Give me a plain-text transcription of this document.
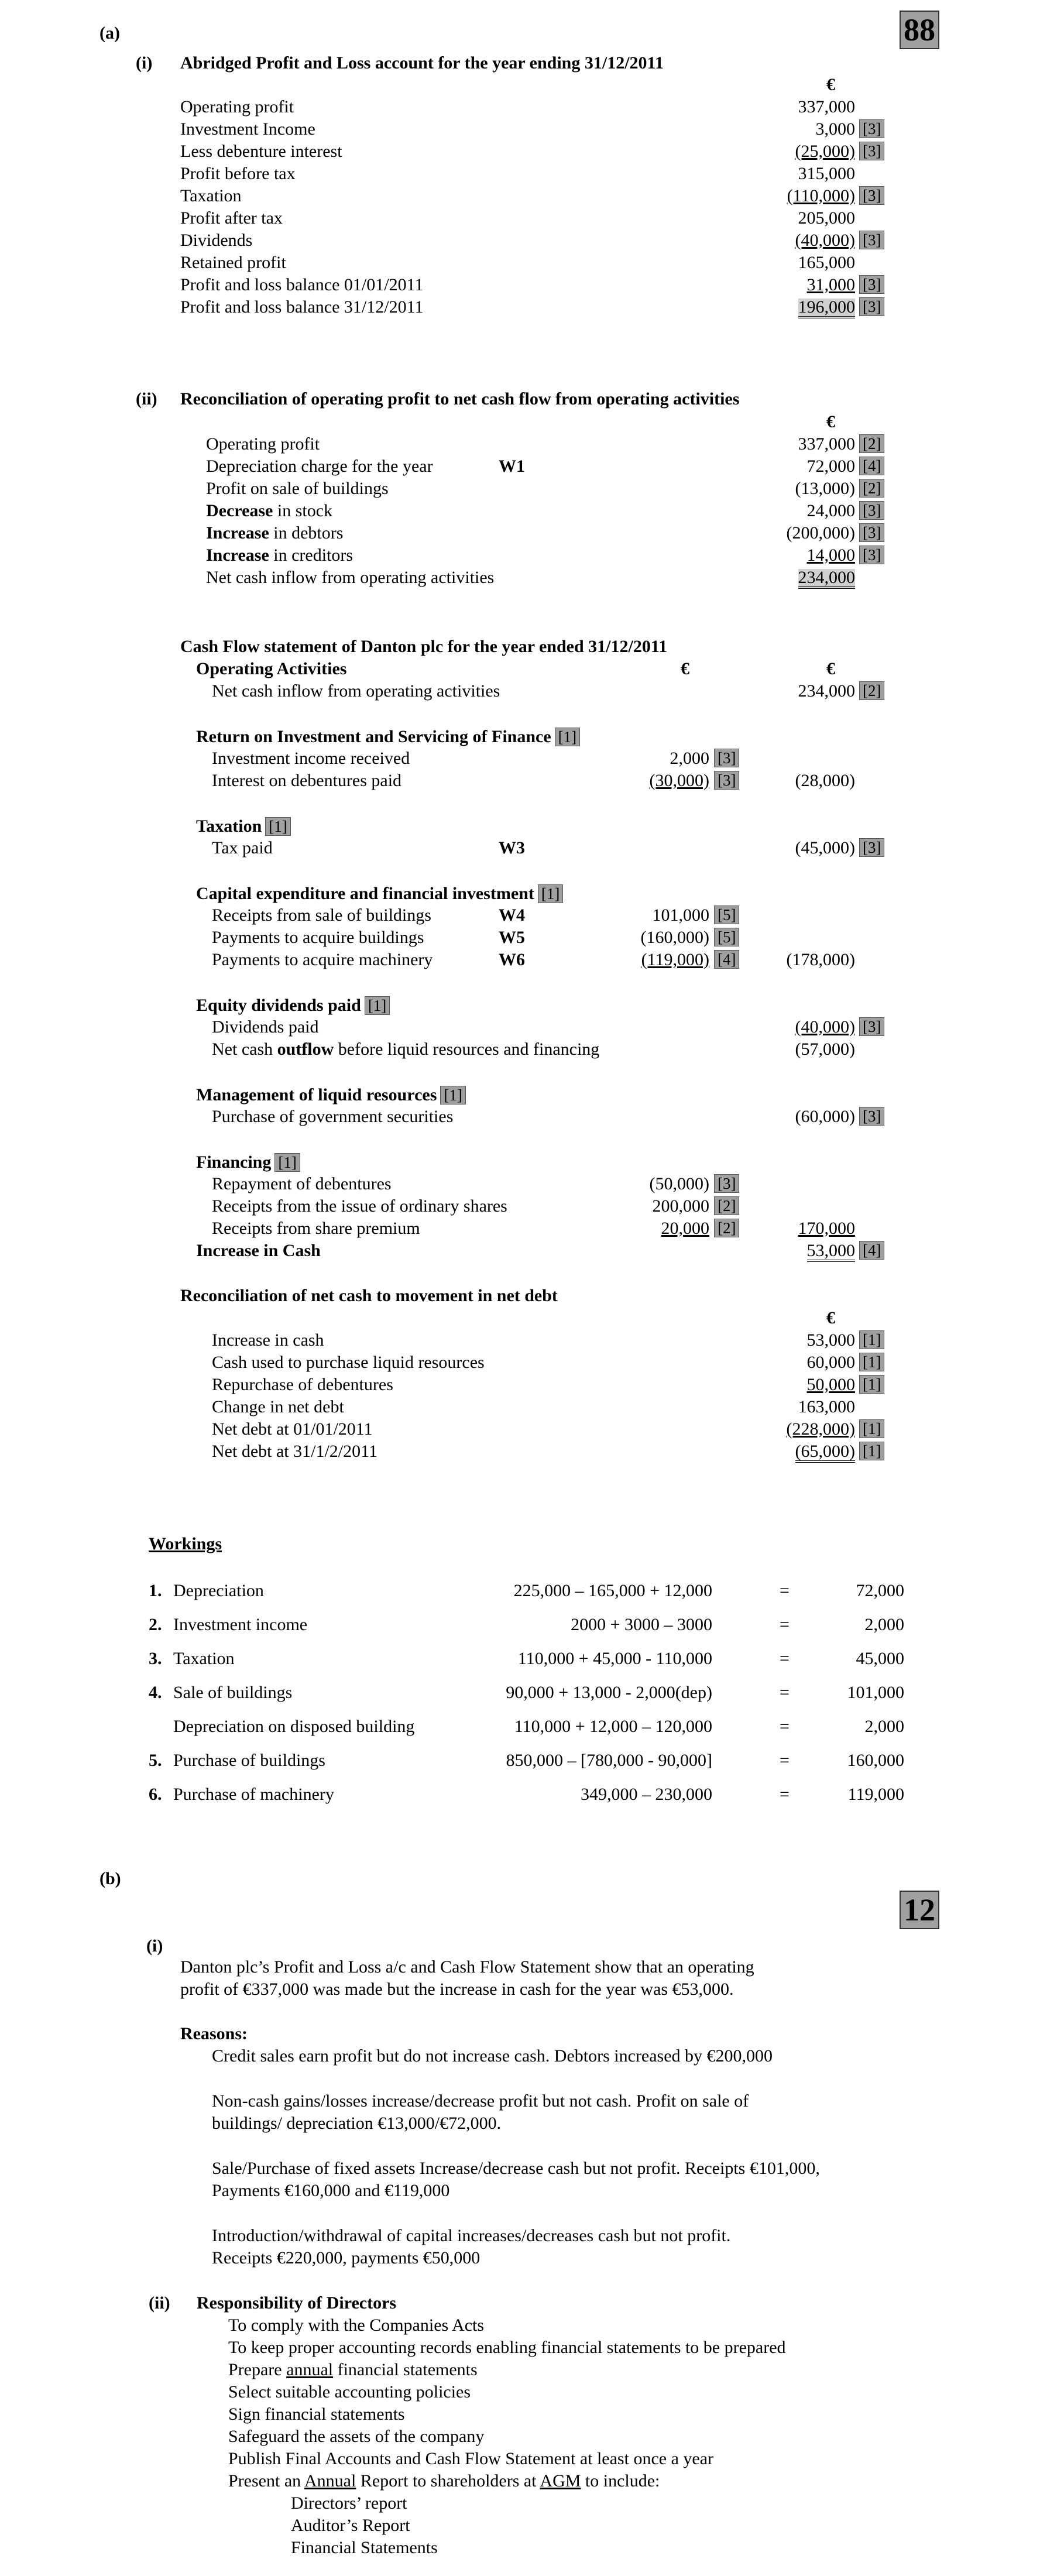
(a)	88
(i) Abridged Profit and Loss account for the year ending 31/12/2011
€
Operating profit	337,000
Investment Income	3,000 [3]
Less debenture interest	(25,000) [3]
Profit before tax	315,000
Taxation	(110,000) [3]
Profit after tax	205,000
Dividends	(40,000) [3]
Retained profit	165,000
Profit and loss balance 01/01/2011	31,000 [3]
Profit and loss balance 31/12/2011	196,000 [3]
(ii) Reconciliation of operating profit to net cash flow from operating activities
€
Operating profit	337,000 [2]
Depreciation charge for the year	W1	72,000 [4]
Profit on sale of buildings	(13,000) [2]
Decrease in stock	24,000 [3]
Increase in debtors	(200,000) [3]
Increase in creditors	14,000 [3]
Net cash inflow from operating activities	234,000
Cash Flow statement of Danton plc for the year ended 31/12/2011
Operating Activities	€	€
Net cash inflow from operating activities	234,000 [2]
Return on Investment and Servicing of Finance [1]
Investment income received	2,000 [3]
Interest on debentures paid	(30,000) [3]	(28,000)
Taxation [1]
Tax paid	W3	(45,000) [3]
Capital expenditure and financial investment [1]
Receipts from sale of buildings	W4	101,000 [5]
Payments to acquire buildings	W5	(160,000) [5]
Payments to acquire machinery	W6	(119,000) [4]	(178,000)
Equity dividends paid [1]
Dividends paid	(40,000) [3]
Net cash outflow before liquid resources and financing	(57,000)
Management of liquid resources [1]
Purchase of government securities	(60,000) [3]
Financing [1]
Repayment of debentures	(50,000) [3]
Receipts from the issue of ordinary shares	200,000 [2]
Receipts from share premium	20,000 [2]	170,000
Increase in Cash	53,000 [4]
Reconciliation of net cash to movement in net debt
€
Increase in cash	53,000 [1]
Cash used to purchase liquid resources	60,000 [1]
Repurchase of debentures	50,000 [1]
Change in net debt	163,000
Net debt at 01/01/2011	(228,000) [1]
Net debt at 31/1/2/2011	(65,000) [1]
Workings
1. Depreciation	225,000 – 165,000 + 12,000	=	72,000
2. Investment income	2000 + 3000 – 3000	=	2,000
3. Taxation	110,000 + 45,000 - 110,000	=	45,000
4. Sale of buildings	90,000 + 13,000 - 2,000(dep)	=	101,000
Depreciation on disposed building	110,000 + 12,000 – 120,000	=	2,000
5. Purchase of buildings	850,000 – [780,000 - 90,000]	=	160,000
6. Purchase of machinery	349,000 – 230,000	=	119,000
(b)
12
(i)
Danton plc’s Profit and Loss a/c and Cash Flow Statement show that an operating
profit of €337,000 was made but the increase in cash for the year was €53,000.
Reasons:
Credit sales earn profit but do not increase cash. Debtors increased by €200,000
Non-cash gains/losses increase/decrease profit but not cash. Profit on sale of
buildings/ depreciation €13,000/€72,000.
Sale/Purchase of fixed assets Increase/decrease cash but not profit. Receipts €101,000,
Payments €160,000 and €119,000
Introduction/withdrawal of capital increases/decreases cash but not profit.
Receipts €220,000, payments €50,000
(ii) Responsibility of Directors
To comply with the Companies Acts
To keep proper accounting records enabling financial statements to be prepared
Prepare annual financial statements
Select suitable accounting policies
Sign financial statements
Safeguard the assets of the company
Publish Final Accounts and Cash Flow Statement at least once a year
Present an Annual Report to shareholders at AGM to include:
Directors’ report
Auditor’s Report
Financial Statements
